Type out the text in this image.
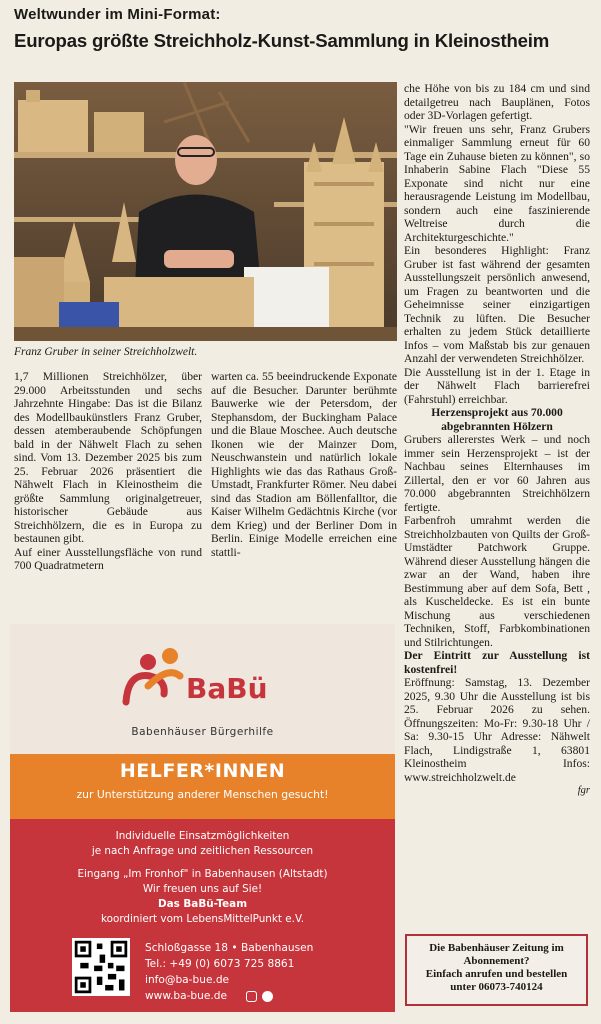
Weltwunder im Mini-Format:
Europas größte Streichholz-Kunst-Sammlung in Kleinostheim
Franz Gruber in seiner Streichholzwelt.

1,7 Millionen Streichhölzer, über 29.000 Arbeitsstunden und sechs Jahrzehnte Hingabe: Das ist die Bilanz des Modellbaukünstlers Franz Gruber, dessen atemberaubende Schöpfungen bald in der Nähwelt Flach zu sehen sind. Vom 13. Dezember 2025 bis zum 25. Februar 2026 präsentiert die Nähwelt Flach in Kleinostheim die größte Sammlung originalgetreuer, historischer Gebäude aus Streichhölzern, die es in Europa zu bestaunen gibt.

Auf einer Ausstellungsfläche von rund 700 Quadratmetern

warten ca. 55 beeindruckende Exponate auf die Besucher. Darunter berühmte Bauwerke wie der Petersdom, der Stephansdom, der Buckingham Palace und die Blaue Moschee. Auch deutsche Ikonen wie der Mainzer Dom, Neuschwanstein und natürlich lokale Highlights wie das das Rathaus Groß-Umstadt, Frankfurter Römer. Neu dabei sind das Stadion am Böllenfalltor, die Kaiser Wilhelm Gedächtnis Kirche (vor dem Krieg) und der Berliner Dom in Berlin. Einige Modelle erreichen eine stattli-

che Höhe von bis zu 184 cm und sind detailgetreu nach Bauplänen, Fotos oder 3D-Vorlagen gefertigt.

"Wir freuen uns sehr, Franz Grubers einmaliger Sammlung erneut für 60 Tage ein Zuhause bieten zu können", so Inhaberin Sabine Flach "Diese 55 Exponate sind nicht nur eine herausragende Leistung im Modellbau, sondern auch eine faszinierende Weltreise durch die Architekturgeschichte."

Ein besonderes Highlight: Franz Gruber ist fast während der gesamten Ausstellungszeit persönlich anwesend, um Fragen zu beantworten und die Geheimnisse seiner einzigartigen Technik zu lüften. Die Besucher erhalten zu jedem Stück detaillierte Infos – vom Maßstab bis zur genauen Anzahl der verwendeten Streichhölzer.

Die Ausstellung ist in der 1. Etage in der Nähwelt Flach barrierefrei (Fahrstuhl) erreichbar.

Herzensprojekt aus 70.000 abgebrannten Hölzern

Grubers allererstes Werk – und noch immer sein Herzensprojekt – ist der Nachbau seines Elternhauses im Zillertal, den er vor 60 Jahren aus 70.000 abgebrannten Streichhölzern fertigte.

Farbenfroh umrahmt werden die Streichholzbauten von Quilts der Groß-Umstädter Patchwork Gruppe. Während dieser Ausstellung hängen die zwar an der Wand, haben ihre Bestimmung aber auf dem Sofa, Bett , als Kuscheldecke. Es ist ein bunte Mischung aus verschiedenen Techniken, Stoff, Farbkombinationen und Stilrichtungen.

Der Eintritt zur Ausstellung ist kostenfrei!

Eröffnung: Samstag, 13. Dezember 2025, 9.30 Uhr die Ausstellung ist bis 25. Februar 2026 zu sehen. Öffnungszeiten: Mo-Fr: 9.30-18 Uhr / Sa: 9.30-15 Uhr Adresse: Nähwelt Flach, Lindigstraße 1, 63801 Kleinostheim Infos: www.streichholzwelt.de

fgr

BaBü
Babenhäuser Bürgerhilfe
HELFER*INNEN
zur Unterstützung anderer Menschen gesucht!
Individuelle Einsatzmöglichkeiten
je nach Anfrage und zeitlichen Ressourcen
Eingang „Im Fronhof" in Babenhausen (Altstadt)
Wir freuen uns auf Sie!
Das BaBü-Team
koordiniert vom LebensMittelPunkt e.V.
Schloßgasse 18 • Babenhausen
Tel.: +49 (0) 6073 725 8861
info@ba-bue.de
www.ba-bue.de

Die Babenhäuser Zeitung im Abonnement?
Einfach anrufen und bestellen
unter 06073-740124
